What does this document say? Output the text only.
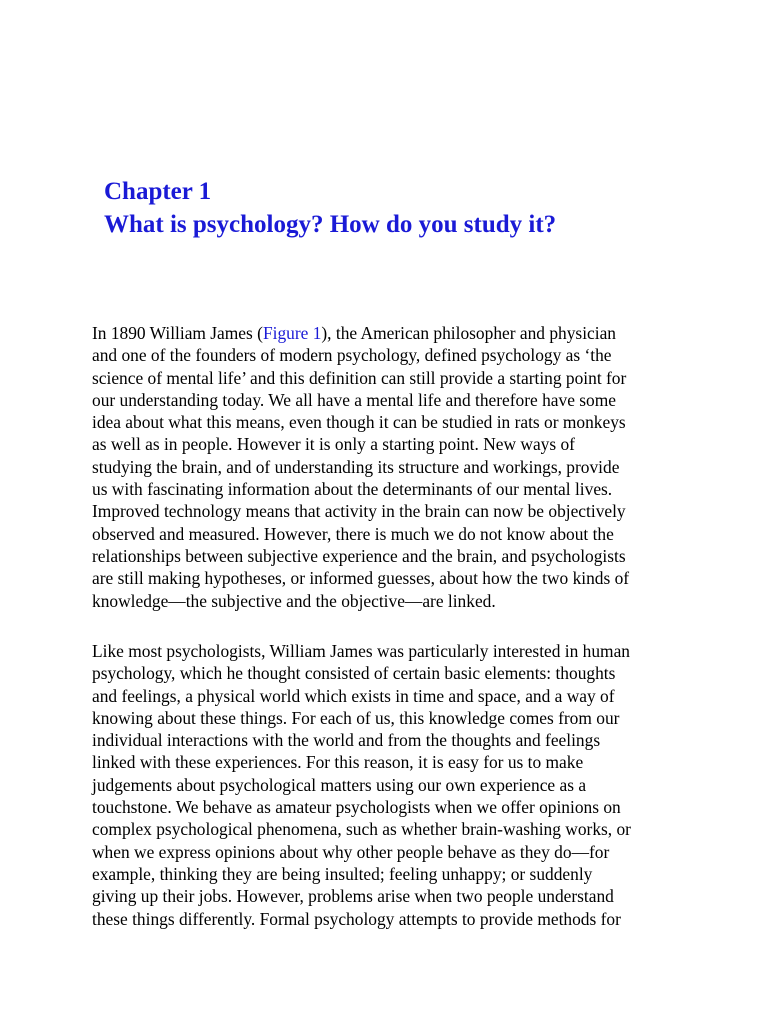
Chapter 1
What is psychology? How do you study it?

In 1890 William James (Figure 1), the American philosopher and physician
and one of the founders of modern psychology, defined psychology as ‘the
science of mental life’ and this definition can still provide a starting point for
our understanding today. We all have a mental life and therefore have some
idea about what this means, even though it can be studied in rats or monkeys
as well as in people. However it is only a starting point. New ways of
studying the brain, and of understanding its structure and workings, provide
us with fascinating information about the determinants of our mental lives.
Improved technology means that activity in the brain can now be objectively
observed and measured. However, there is much we do not know about the
relationships between subjective experience and the brain, and psychologists
are still making hypotheses, or informed guesses, about how the two kinds of
knowledge—the subjective and the objective—are linked.

Like most psychologists, William James was particularly interested in human
psychology, which he thought consisted of certain basic elements: thoughts
and feelings, a physical world which exists in time and space, and a way of
knowing about these things. For each of us, this knowledge comes from our
individual interactions with the world and from the thoughts and feelings
linked with these experiences. For this reason, it is easy for us to make
judgements about psychological matters using our own experience as a
touchstone. We behave as amateur psychologists when we offer opinions on
complex psychological phenomena, such as whether brain-washing works, or
when we express opinions about why other people behave as they do—for
example, thinking they are being insulted; feeling unhappy; or suddenly
giving up their jobs. However, problems arise when two people understand
these things differently. Formal psychology attempts to provide methods for
